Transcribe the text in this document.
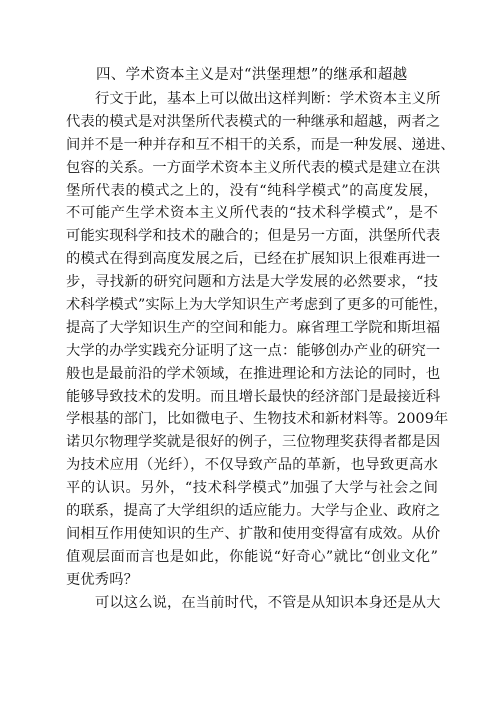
四、学术资本主义是对“洪堡理想”的继承和超越
行文于此，基本上可以做出这样判断：学术资本主义所
代表的模式是对洪堡所代表模式的一种继承和超越，两者之
间并不是一种并存和互不相干的关系，而是一种发展、递进、
包容的关系。一方面学术资本主义所代表的模式是建立在洪
堡所代表的模式之上的，没有“纯科学模式”的高度发展，
不可能产生学术资本主义所代表的“技术科学模式”，是不
可能实现科学和技术的融合的；但是另一方面，洪堡所代表
的模式在得到高度发展之后，已经在扩展知识上很难再进一
步，寻找新的研究问题和方法是大学发展的必然要求，“技
术科学模式”实际上为大学知识生产考虑到了更多的可能性，
提高了大学知识生产的空间和能力。麻省理工学院和斯坦福
大学的办学实践充分证明了这一点：能够创办产业的研究一
般也是最前沿的学术领域，在推进理论和方法论的同时，也
能够导致技术的发明。而且增长最快的经济部门是最接近科
学根基的部门，比如微电子、生物技术和新材料等。2009年
诺贝尔物理学奖就是很好的例子，三位物理奖获得者都是因
为技术应用（光纤），不仅导致产品的革新，也导致更高水
平的认识。另外，“技术科学模式”加强了大学与社会之间
的联系，提高了大学组织的适应能力。大学与企业、政府之
间相互作用使知识的生产、扩散和使用变得富有成效。从价
值观层面而言也是如此，你能说“好奇心”就比“创业文化”
更优秀吗？
可以这么说，在当前时代，不管是从知识本身还是从大
